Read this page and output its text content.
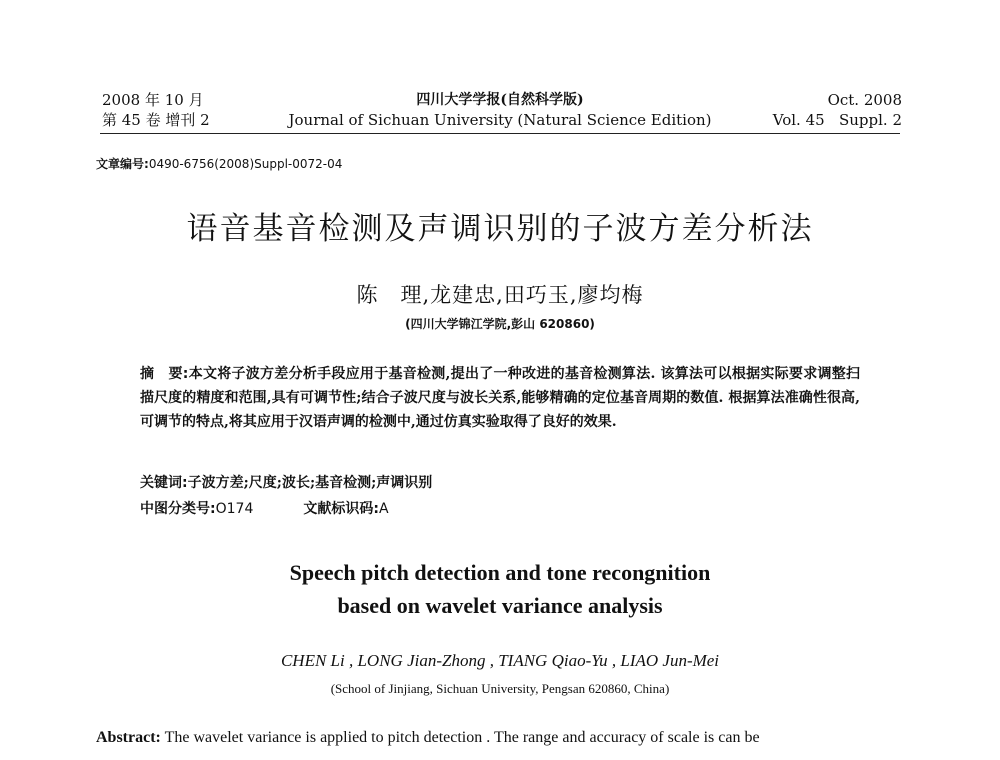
2008 年 10 月
第 45 卷 增刊 2
四川大学学报(自然科学版)
Journal of Sichuan University (Natural Science Edition)
Oct. 2008
Vol. 45   Suppl. 2
文章编号:0490-6756(2008)Suppl-0072-04
语音基音检测及声调识别的子波方差分析法
陈　理,龙建忠,田巧玉,廖均梅
(四川大学锦江学院,彭山 620860)
摘　要:本文将子波方差分析手段应用于基音检测,提出了一种改进的基音检测算法. 该算法可以根据实际要求调整扫描尺度的精度和范围,具有可调节性;结合子波尺度与波长关系,能够精确的定位基音周期的数值. 根据算法准确性很高,可调节的特点,将其应用于汉语声调的检测中,通过仿真实验取得了良好的效果.
关键词:子波方差;尺度;波长;基音检测;声调识别
中图分类号:O174	文献标识码:A
Speech pitch detection and tone recongnition
based on wavelet variance analysis
CHEN Li , LONG Jian-Zhong , TIANG Qiao-Yu , LIAO Jun-Mei
(School of Jinjiang, Sichuan University, Pengsan 620860, China)
Abstract: The wavelet variance is applied to pitch detection . The range and accuracy of scale is can be
